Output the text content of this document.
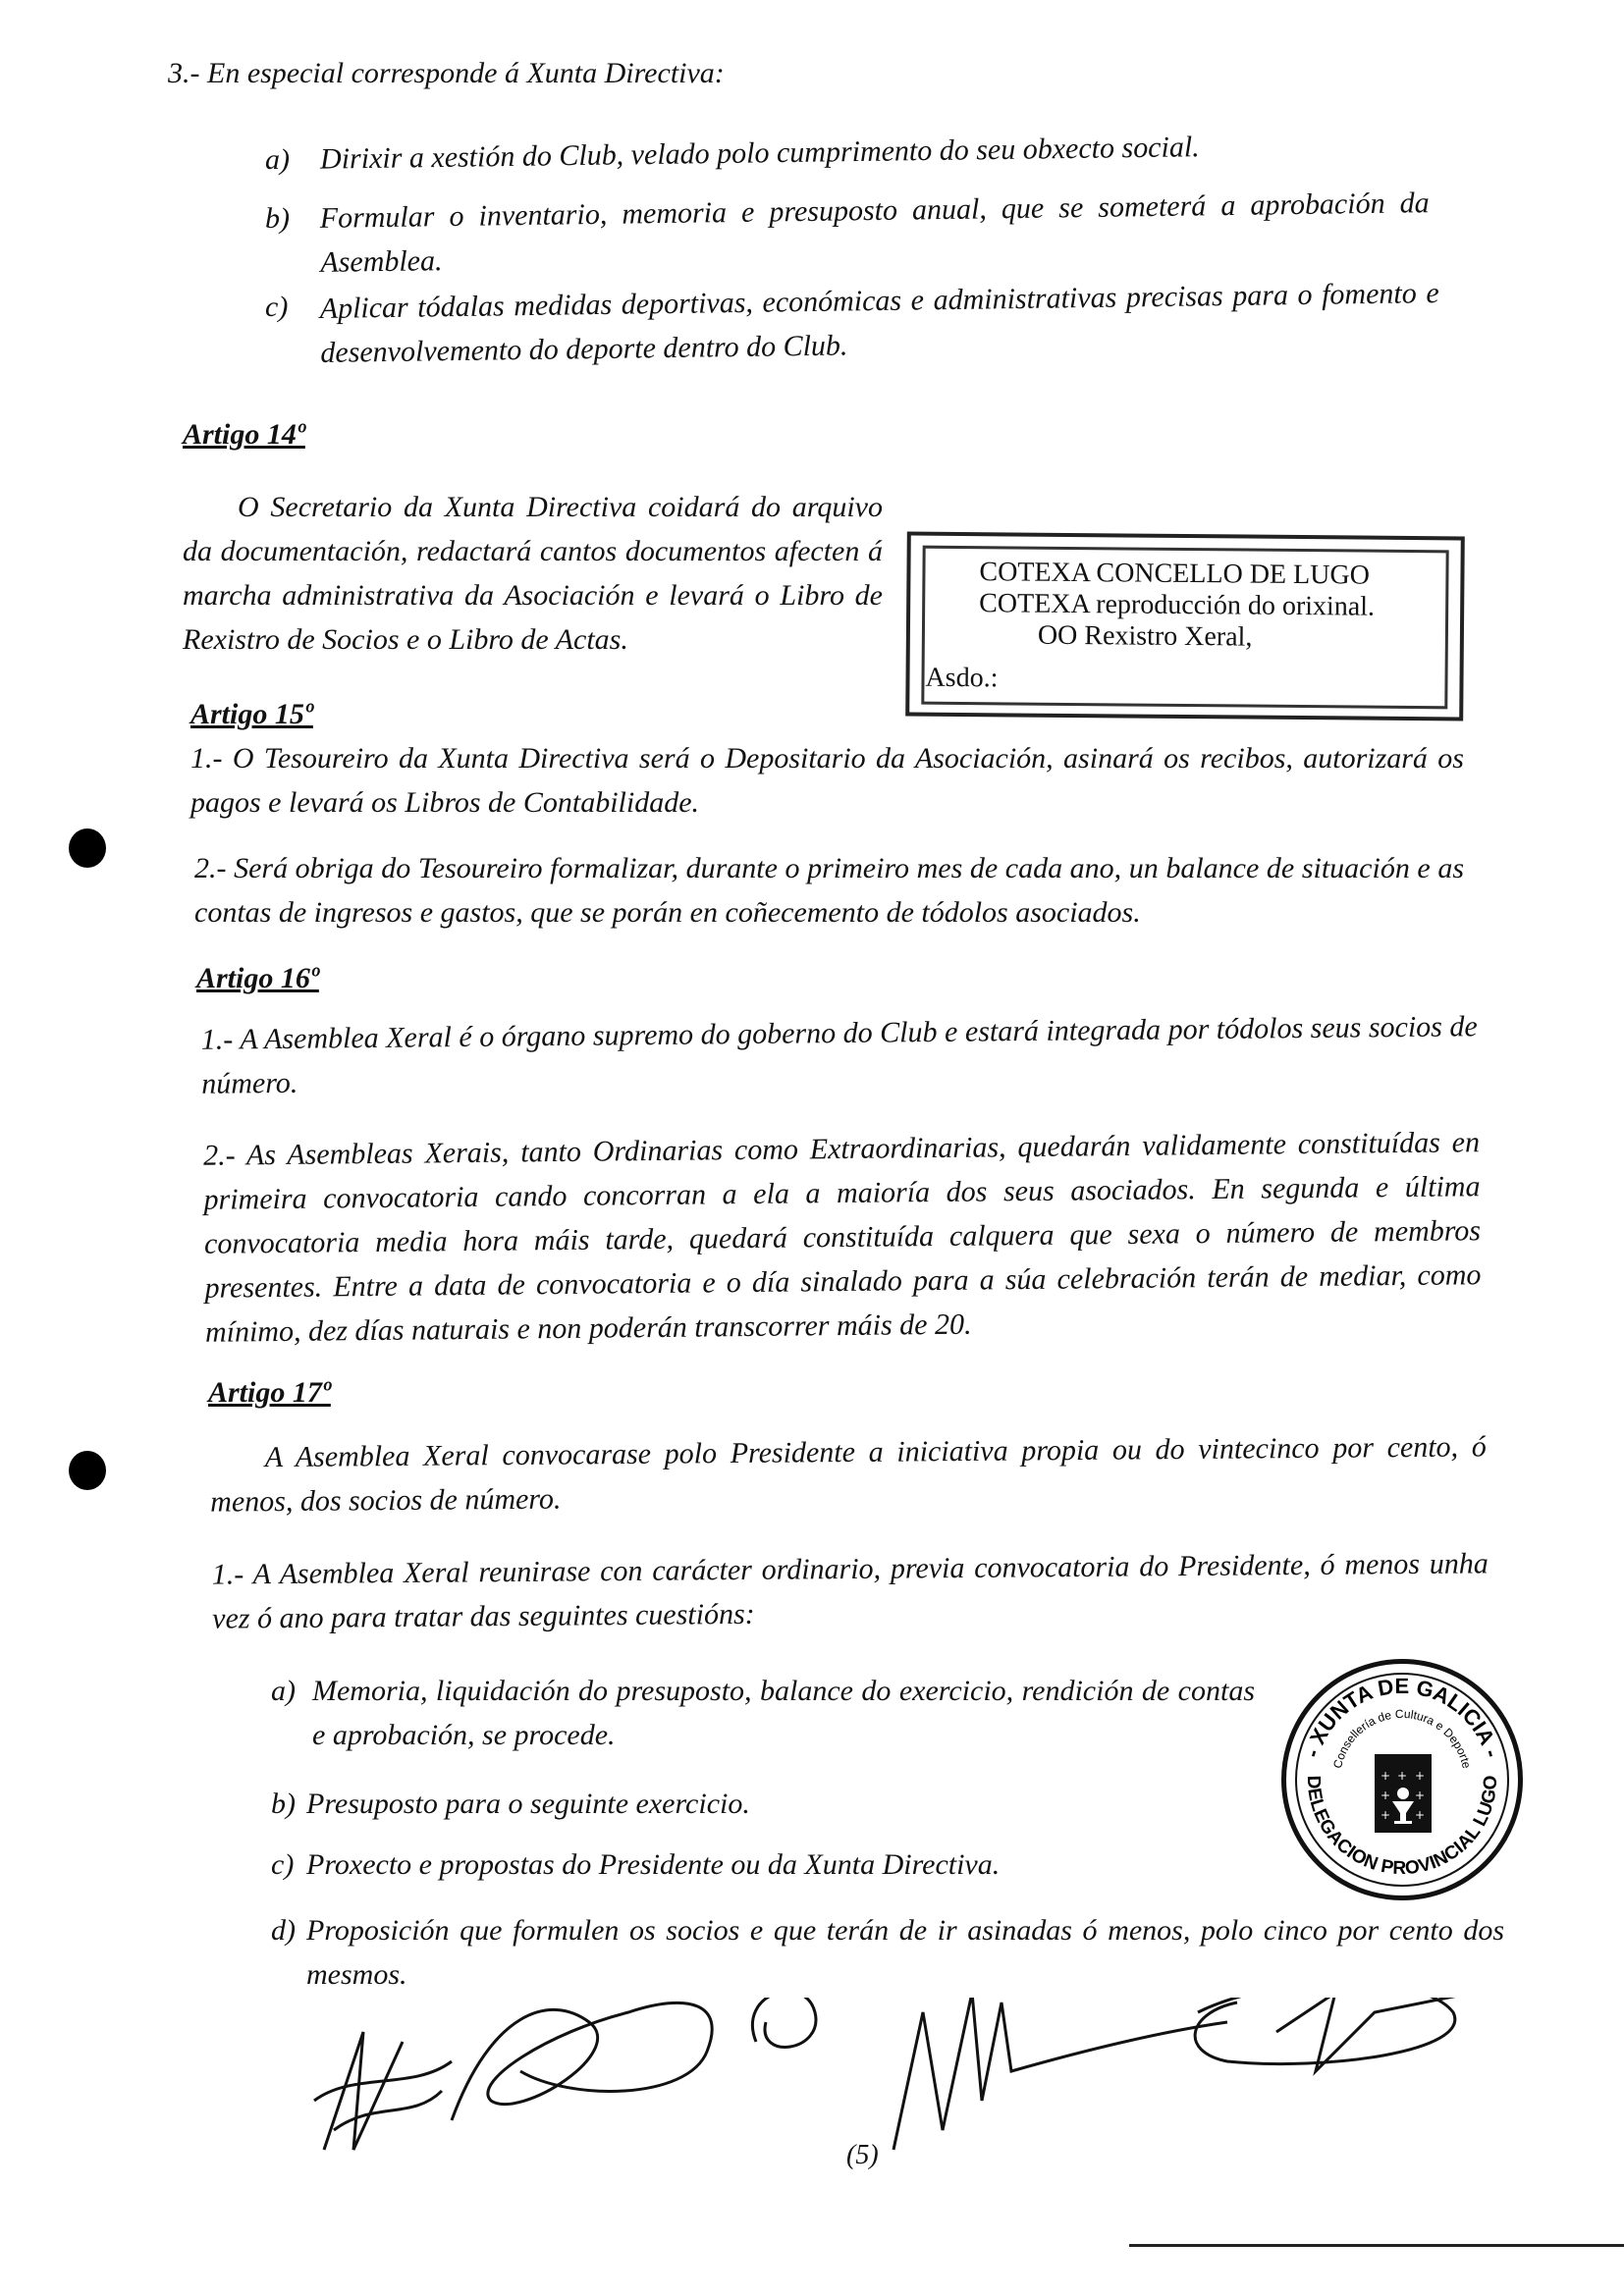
3.- En especial corresponde á Xunta Directiva:
a) Dirixir a xestión do Club, velado polo cumprimento do seu obxecto social.
b) Formular o inventario, memoria e presuposto anual, que se someterá a aprobación da Asemblea.
c) Aplicar tódalas medidas deportivas, económicas e administrativas precisas para o fomento e desenvolvemento do deporte dentro do Club.
Artigo 14º
COTEXA CONCELLO DE LUGO
COTEXA reproducción do orixinal.
OO Rexistro Xeral,
Asdo.:

O Secretario da Xunta Directiva coidará do arquivo da documentación, redactará cantos documentos afecten á marcha administrativa da Asociación e levará o Libro de Rexistro de Socios e o Libro de Actas.

Artigo 15º

1.- O Tesoureiro da Xunta Directiva será o Depositario da Asociación, asinará os recibos, autorizará os pagos e levará os Libros de Contabilidade.

2.- Será obriga do Tesoureiro formalizar, durante o primeiro mes de cada ano, un balance de situación e as contas de ingresos e gastos, que se porán en coñecemento de tódolos asociados.

Artigo 16º
1.- A Asemblea Xeral é o órgano supremo do goberno do Club e estará integrada por tódolos seus socios de número.
2.- As Asembleas Xerais, tanto Ordinarias como Extraordinarias, quedarán validamente constituídas en primeira convocatoria cando concorran a ela a maioría dos seus asociados. En segunda e última convocatoria media hora máis tarde, quedará constituída calquera que sexa o número de membros presentes. Entre a data de convocatoria e o día sinalado para a súa celebración terán de mediar, como mínimo, dez días naturais e non poderán transcorrer máis de 20.
Artigo 17º
A Asemblea Xeral convocarase polo Presidente a iniciativa propia ou do vintecinco por cento, ó menos, dos socios de número.
1.- A Asemblea Xeral reunirase con carácter ordinario, previa convocatoria do Presidente, ó menos unha vez ó ano para tratar das seguintes cuestións:
a) Memoria, liquidación do presuposto, balance do exercicio, rendición de contas e aprobación, se procede.
b) Presuposto para o seguinte exercicio.
c) Proxecto e propostas do Presidente ou da Xunta Directiva.
d) Proposición que formulen os socios e que terán de ir asinadas ó menos, polo cinco por cento dos mesmos.
- XUNTA DE GALICIA -
Consellería de Cultura e Deporte
DELEGACION PROVINCIAL LUGO
+ + +
+ +
+ +
(5)
